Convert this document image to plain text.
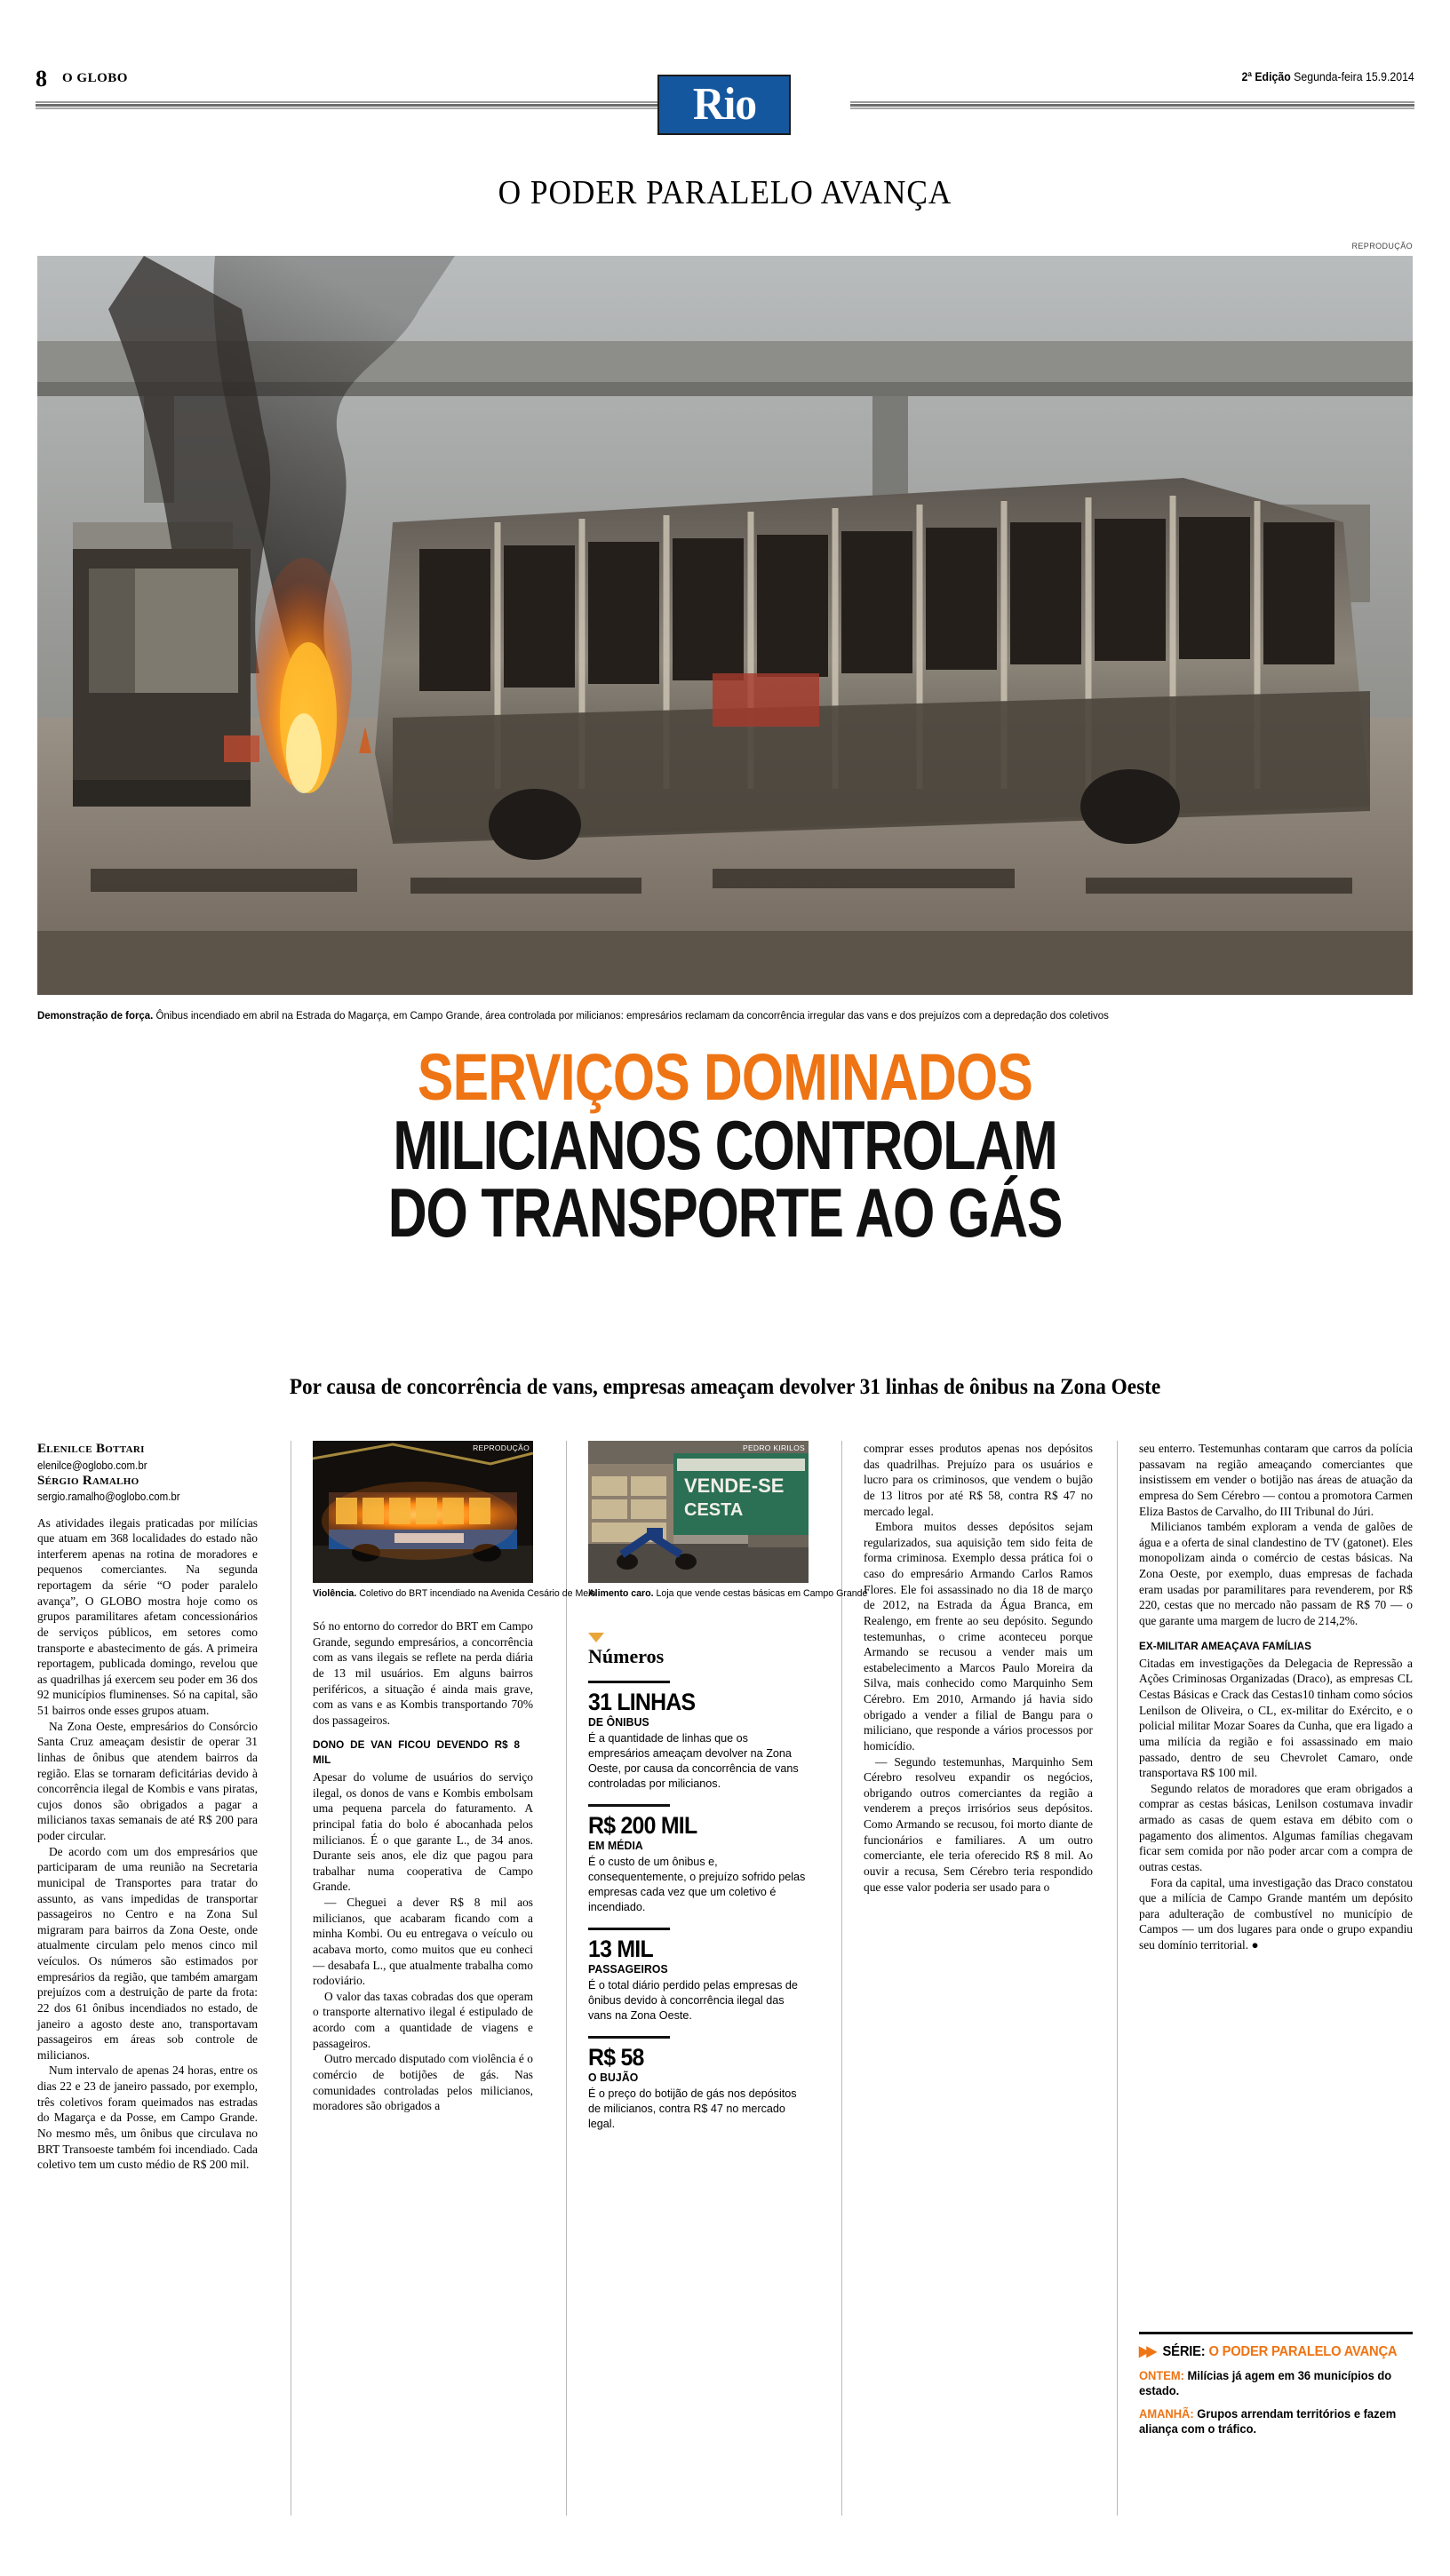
8 O GLOBO
Rio
2ª Edição Segunda-feira 15.9.2014
O PODER PARALELO AVANÇA
REPRODUÇÃO
Demonstração de força. Ônibus incendiado em abril na Estrada do Magarça, em Campo Grande, área controlada por milicianos: empresários reclamam da concorrência irregular das vans e dos prejuízos com a depredação dos coletivos
SERVIÇOS DOMINADOS
MILICIANOS CONTROLAM
DO TRANSPORTE AO GÁS
Por causa de concorrência de vans, empresas ameaçam devolver 31 linhas de ônibus na Zona Oeste
Elenilce Bottari
elenilce@oglobo.com.br
Sérgio Ramalho
sergio.ramalho@oglobo.com.br

As atividades ilegais praticadas por milícias que atuam em 368 localidades do estado não interferem apenas na rotina de moradores e pequenos comerciantes. Na segunda reportagem da série “O poder paralelo avança”, O GLOBO mostra hoje como os grupos paramilitares afetam concessionários de serviços públicos, em setores como transporte e abastecimento de gás. A primeira reportagem, publicada domingo, revelou que as quadrilhas já exercem seu poder em 36 dos 92 municípios fluminenses. Só na capital, são 51 bairros onde esses grupos atuam.

Na Zona Oeste, empresários do Consórcio Santa Cruz ameaçam desistir de operar 31 linhas de ônibus que atendem bairros da região. Elas se tornaram deficitárias devido à concorrência ilegal de Kombis e vans piratas, cujos donos são obrigados a pagar a milicianos taxas semanais de até R$ 200 para poder circular.

De acordo com um dos empresários que participaram de uma reunião na Secretaria municipal de Transportes para tratar do assunto, as vans impedidas de transportar passageiros no Centro e na Zona Sul migraram para bairros da Zona Oeste, onde atualmente circulam pelo menos cinco mil veículos. Os números são estimados por empresários da região, que também amargam prejuízos com a destruição de parte da frota: 22 dos 61 ônibus incendiados no estado, de janeiro a agosto deste ano, transportavam passageiros em áreas sob controle de milicianos.

Num intervalo de apenas 24 horas, entre os dias 22 e 23 de janeiro passado, por exemplo, três coletivos foram queimados nas estradas do Magarça e da Posse, em Campo Grande. No mesmo mês, um ônibus que circulava no BRT Transoeste também foi incendiado. Cada coletivo tem um custo médio de R$ 200 mil.

REPRODUÇÃO
Violência. Coletivo do BRT incendiado na Avenida Cesário de Melo

Só no entorno do corredor do BRT em Campo Grande, segundo empresários, a concorrência com as vans ilegais se reflete na perda diária de 13 mil usuários. Em alguns bairros periféricos, a situação é ainda mais grave, com as vans e as Kombis transportando 70% dos passageiros.

DONO DE VAN FICOU DEVENDO R$ 8 MIL

Apesar do volume de usuários do serviço ilegal, os donos de vans e Kombis embolsam uma pequena parcela do faturamento. A principal fatia do bolo é abocanhada pelos milicianos. É o que garante L., de 34 anos. Durante seis anos, ele diz que pagou para trabalhar numa cooperativa de Campo Grande.

— Cheguei a dever R$ 8 mil aos milicianos, que acabaram ficando com a minha Kombi. Ou eu entregava o veículo ou acabava morto, como muitos que eu conheci — desabafa L., que atualmente trabalha como rodoviário.

O valor das taxas cobradas dos que operam o transporte alternativo ilegal é estipulado de acordo com a quantidade de viagens e passageiros.

Outro mercado disputado com violência é o comércio de botijões de gás. Nas comunidades controladas pelos milicianos, moradores são obrigados a

PEDRO KIRILOS
VENDE-SE
CESTA
Alimento caro. Loja que vende cestas básicas em Campo Grande
Números
31 LINHAS
DE ÔNIBUS
É a quantidade de linhas que os empresários ameaçam devolver na Zona Oeste, por causa da concorrência de vans controladas por milicianos.
R$ 200 MIL
EM MÉDIA
É o custo de um ônibus e, consequentemente, o prejuízo sofrido pelas empresas cada vez que um coletivo é incendiado.
13 MIL
PASSAGEIROS
É o total diário perdido pelas empresas de ônibus devido à concorrência ilegal das vans na Zona Oeste.
R$ 58
O BUJÃO
É o preço do botijão de gás nos depósitos de milicianos, contra R$ 47 no mercado legal.

comprar esses produtos apenas nos depósitos das quadrilhas. Prejuízo para os usuários e lucro para os criminosos, que vendem o bujão de 13 litros por até R$ 58, contra R$ 47 no mercado legal.

Embora muitos desses depósitos sejam regularizados, sua aquisição tem sido feita de forma criminosa. Exemplo dessa prática foi o caso do empresário Armando Carlos Ramos Flores. Ele foi assassinado no dia 18 de março de 2012, na Estrada da Água Branca, em Realengo, em frente ao seu depósito. Segundo testemunhas, o crime aconteceu porque Armando se recusou a vender mais um estabelecimento a Marcos Paulo Moreira da Silva, mais conhecido como Marquinho Sem Cérebro. Em 2010, Armando já havia sido obrigado a vender a filial de Bangu para o miliciano, que responde a vários processos por homicídio.

— Segundo testemunhas, Marquinho Sem Cérebro resolveu expandir os negócios, obrigando outros comerciantes da região a venderem a preços irrisórios seus depósitos. Como Armando se recusou, foi morto diante de funcionários e familiares. A um outro comerciante, ele teria oferecido R$ 8 mil. Ao ouvir a recusa, Sem Cérebro teria respondido que esse valor poderia ser usado para o

seu enterro. Testemunhas contaram que carros da polícia passavam na região ameaçando comerciantes que insistissem em vender o botijão nas áreas de atuação da empresa do Sem Cérebro — contou a promotora Carmen Eliza Bastos de Carvalho, do III Tribunal do Júri.

Milicianos também exploram a venda de galões de água e a oferta de sinal clandestino de TV (gatonet). Eles monopolizam ainda o comércio de cestas básicas. Na Zona Oeste, por exemplo, duas empresas de fachada eram usadas por paramilitares para revenderem, por R$ 220, cestas que no mercado não passam de R$ 70 — o que garante uma margem de lucro de 214,2%.

EX-MILITAR AMEAÇAVA FAMÍLIAS

Citadas em investigações da Delegacia de Repressão a Ações Criminosas Organizadas (Draco), as empresas CL Cestas Básicas e Crack das Cestas10 tinham como sócios Lenilson de Oliveira, o CL, ex-militar do Exército, e o policial militar Mozar Soares da Cunha, que era ligado a uma milícia da região e foi assassinado em maio passado, dentro de seu Chevrolet Camaro, onde transportava R$ 100 mil.

Segundo relatos de moradores que eram obrigados a comprar as cestas básicas, Lenilson costumava invadir armado as casas de quem estava em débito com o pagamento dos alimentos. Algumas famílias chegavam ficar sem comida por não poder arcar com a compra de outras cestas.

Fora da capital, uma investigação das Draco constatou que a milícia de Campo Grande mantém um depósito para adulteração de combustível no município de Campos — um dos lugares para onde o grupo expandiu seu domínio territorial. ●

▶▶ SÉRIE: O PODER PARALELO AVANÇA
ONTEM: Milícias já agem em 36 municípios do estado.
AMANHÃ: Grupos arrendam territórios e fazem aliança com o tráfico.
